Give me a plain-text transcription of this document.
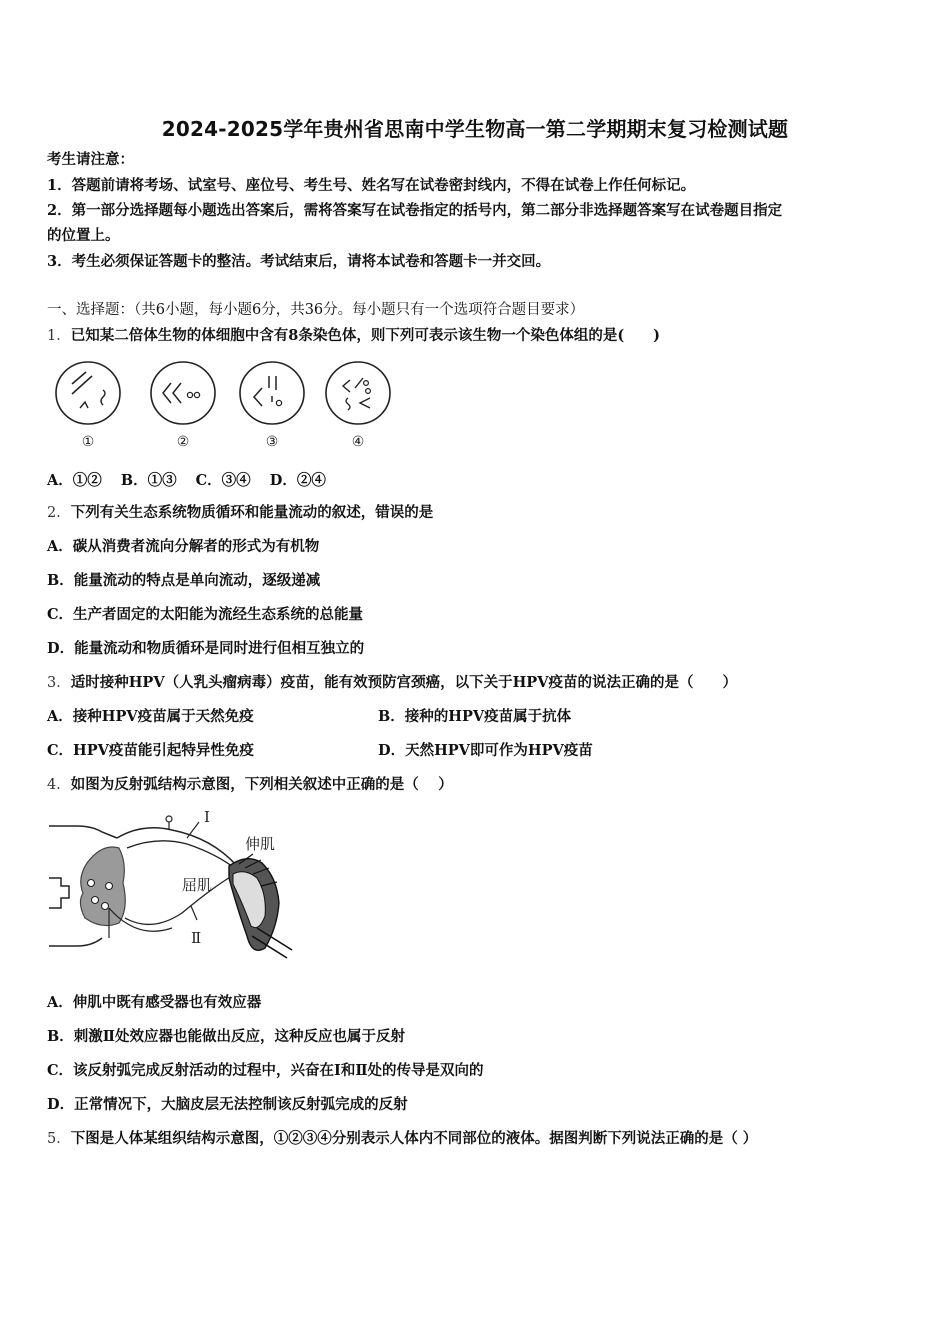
2024-2025学年贵州省思南中学生物高一第二学期期末复习检测试题
考生请注意：
1．答题前请将考场、试室号、座位号、考生号、姓名写在试卷密封线内，不得在试卷上作任何标记。
2．第一部分选择题每小题选出答案后，需将答案写在试卷指定的括号内，第二部分非选择题答案写在试卷题目指定
的位置上。
3．考生必须保证答题卡的整洁。考试结束后，请将本试卷和答题卡一并交回。
一、选择题：（共6小题，每小题6分，共36分。每小题只有一个选项符合题目要求）
1．已知某二倍体生物的体细胞中含有8条染色体，则下列可表示该生物一个染色体组的是(　　)
①	②	③	④
A．①② B．①③ C．③④ D．②④
2．下列有关生态系统物质循环和能量流动的叙述，错误的是
A．碳从消费者流向分解者的形式为有机物
B．能量流动的特点是单向流动，逐级递减
C．生产者固定的太阳能为流经生态系统的总能量
D．能量流动和物质循环是同时进行但相互独立的
3．适时接种HPV（人乳头瘤病毒）疫苗，能有效预防宫颈癌，以下关于HPV疫苗的说法正确的是（　　）
A．接种HPV疫苗属于天然免疫	B．接种的HPV疫苗属于抗体
C．HPV疫苗能引起特异性免疫	D．天然HPV即可作为HPV疫苗
4．如图为反射弧结构示意图，下列相关叙述中正确的是（　 ）
Ⅰ
伸肌
屈肌
Ⅱ
A．伸肌中既有感受器也有效应器
B．刺激Ⅱ处效应器也能做出反应，这种反应也属于反射
C．该反射弧完成反射活动的过程中，兴奋在Ⅰ和Ⅱ处的传导是双向的
D．正常情况下，大脑皮层无法控制该反射弧完成的反射
5．下图是人体某组织结构示意图，①②③④分别表示人体内不同部位的液体。据图判断下列说法正确的是（ ）
